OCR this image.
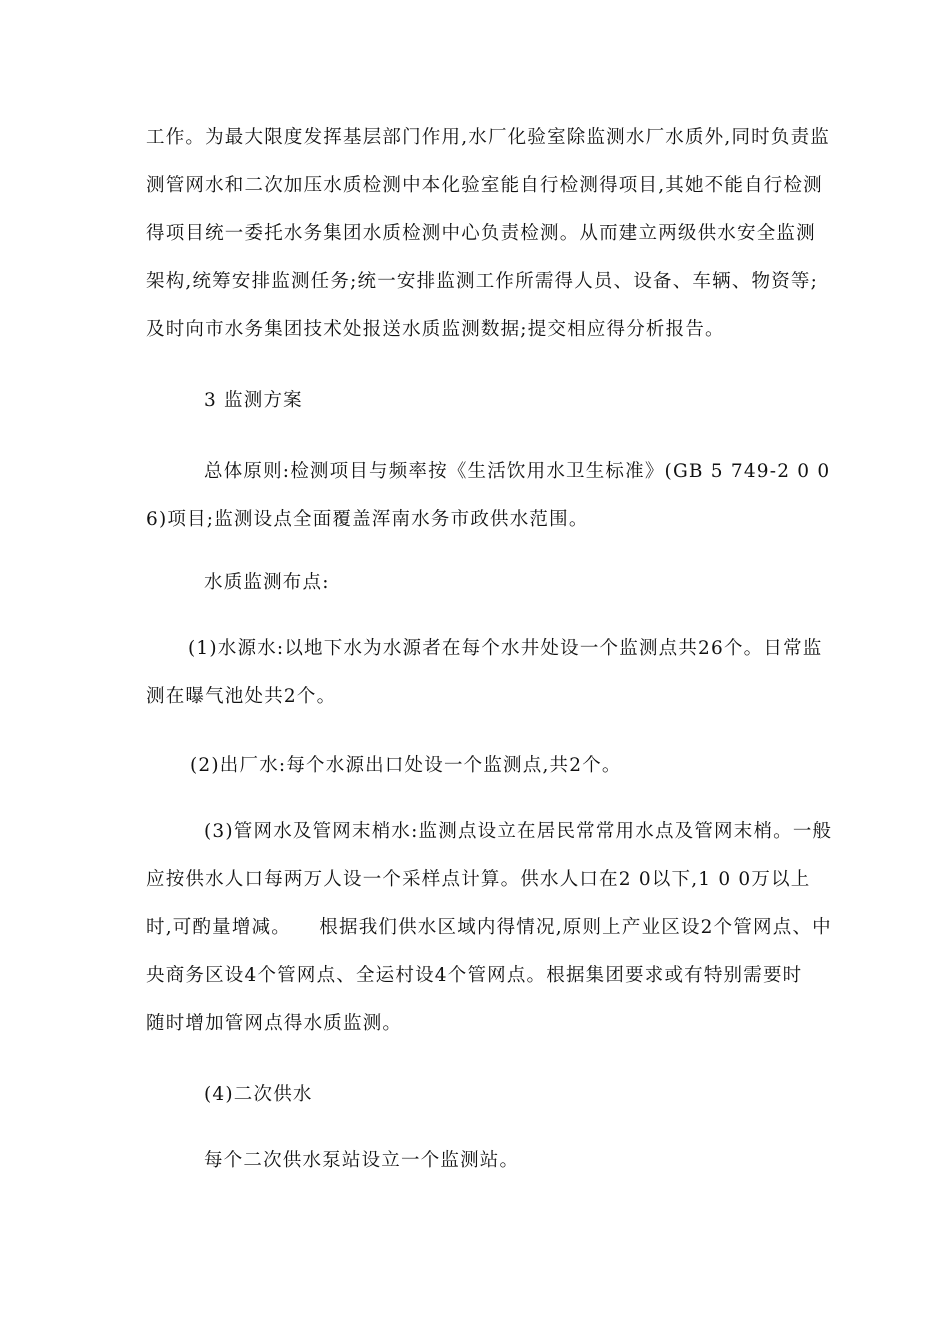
工作。为最大限度发挥基层部门作用,水厂化验室除监测水厂水质外,同时负责监
测管网水和二次加压水质检测中本化验室能自行检测得项目,其她不能自行检测
得项目统一委托水务集团水质检测中心负责检测。从而建立两级供水安全监测
架构,统筹安排监测任务;统一安排监测工作所需得人员、设备、车辆、物资等;
及时向市水务集团技术处报送水质监测数据;提交相应得分析报告。
3 监测方案
总体原则:检测项目与频率按《生活饮用水卫生标准》(GB 5 749-2 0 0
6)项目;监测设点全面覆盖浑南水务市政供水范围。
水质监测布点:
(1)水源水:以地下水为水源者在每个水井处设一个监测点共26个。日常监
测在曝气池处共2个。
(2)出厂水:每个水源出口处设一个监测点,共2个。
(3)管网水及管网末梢水:监测点设立在居民常常用水点及管网末梢。一般
应按供水人口每两万人设一个采样点计算。供水人口在2 0以下,1 0 0万以上
时,可酌量增减。    根据我们供水区域内得情况,原则上产业区设2个管网点、中
央商务区设4个管网点、全运村设4个管网点。根据集团要求或有特别需要时
随时增加管网点得水质监测。
(4)二次供水
每个二次供水泵站设立一个监测站。
